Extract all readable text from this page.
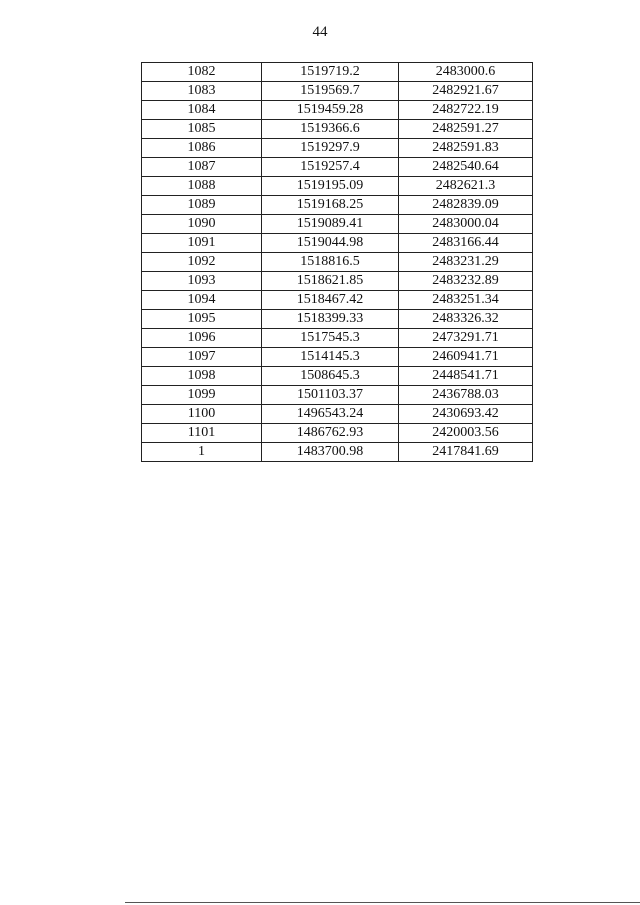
44
1082	1519719.2	2483000.6
1083	1519569.7	2482921.67
1084	1519459.28	2482722.19
1085	1519366.6	2482591.27
1086	1519297.9	2482591.83
1087	1519257.4	2482540.64
1088	1519195.09	2482621.3
1089	1519168.25	2482839.09
1090	1519089.41	2483000.04
1091	1519044.98	2483166.44
1092	1518816.5	2483231.29
1093	1518621.85	2483232.89
1094	1518467.42	2483251.34
1095	1518399.33	2483326.32
1096	1517545.3	2473291.71
1097	1514145.3	2460941.71
1098	1508645.3	2448541.71
1099	1501103.37	2436788.03
1100	1496543.24	2430693.42
1101	1486762.93	2420003.56
1	1483700.98	2417841.69
